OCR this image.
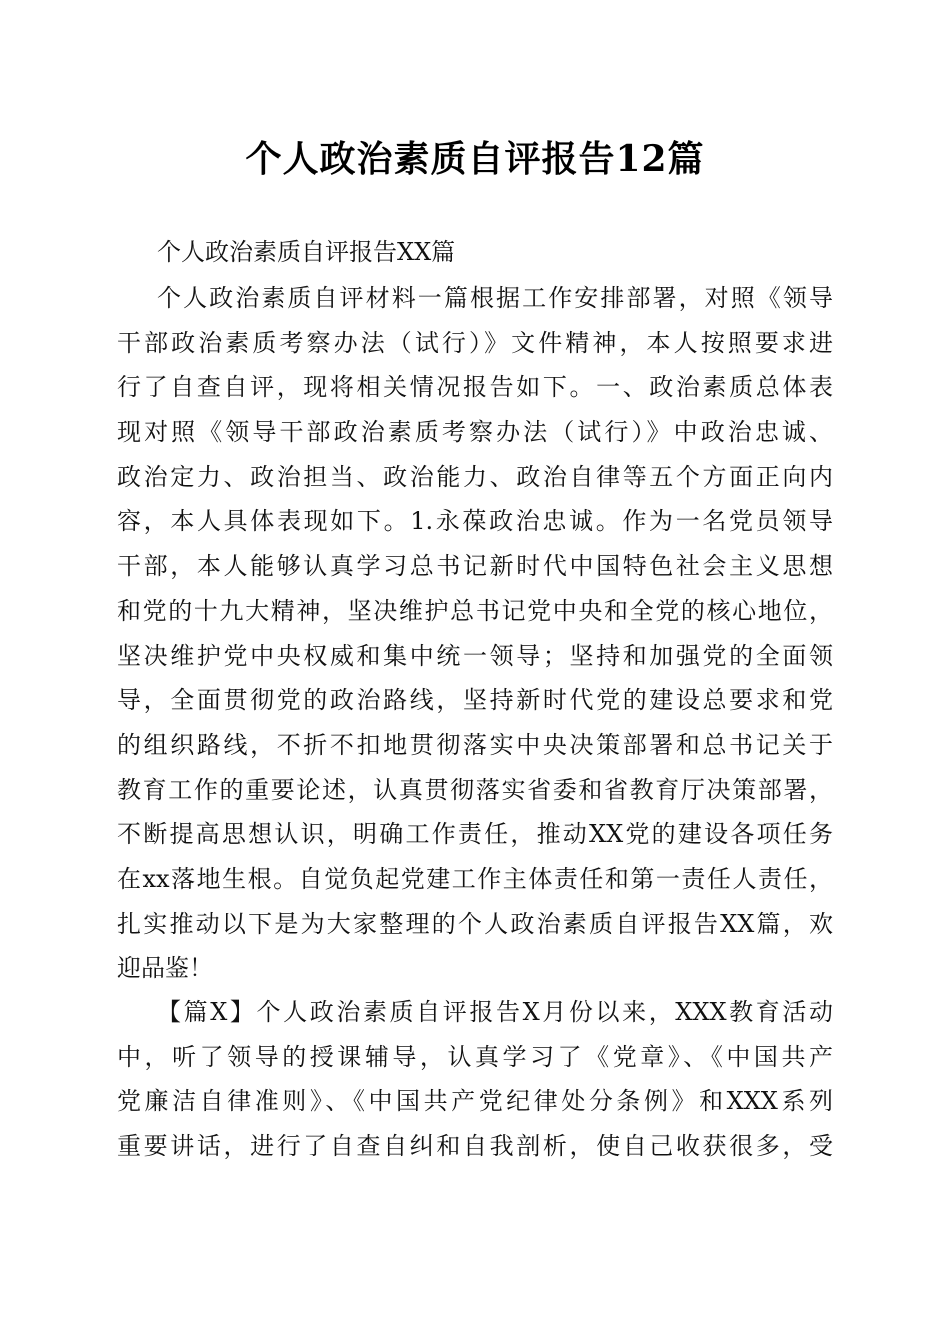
个人政治素质自评报告12篇
个人政治素质自评报告XX篇
个人政治素质自评材料一篇根据工作安排部署，对照《领导
干部政治素质考察办法（试行）》文件精神，本人按照要求进
行了自查自评，现将相关情况报告如下。一、政治素质总体表
现对照《领导干部政治素质考察办法（试行）》中政治忠诚、
政治定力、政治担当、政治能力、政治自律等五个方面正向内
容，本人具体表现如下。1.永葆政治忠诚。作为一名党员领导
干部，本人能够认真学习总书记新时代中国特色社会主义思想
和党的十九大精神，坚决维护总书记党中央和全党的核心地位，
坚决维护党中央权威和集中统一领导；坚持和加强党的全面领
导，全面贯彻党的政治路线，坚持新时代党的建设总要求和党
的组织路线，不折不扣地贯彻落实中央决策部署和总书记关于
教育工作的重要论述，认真贯彻落实省委和省教育厅决策部署，
不断提高思想认识，明确工作责任，推动XX党的建设各项任务
在xx落地生根。自觉负起党建工作主体责任和第一责任人责任，
扎实推动以下是为大家整理的个人政治素质自评报告XX篇，欢
迎品鉴！
【篇X】个人政治素质自评报告X月份以来，XXX教育活动
中，听了领导的授课辅导，认真学习了《党章》、《中国共产
党廉洁自律准则》、《中国共产党纪律处分条例》和XXX系列
重要讲话，进行了自查自纠和自我剖析，使自己收获很多，受
